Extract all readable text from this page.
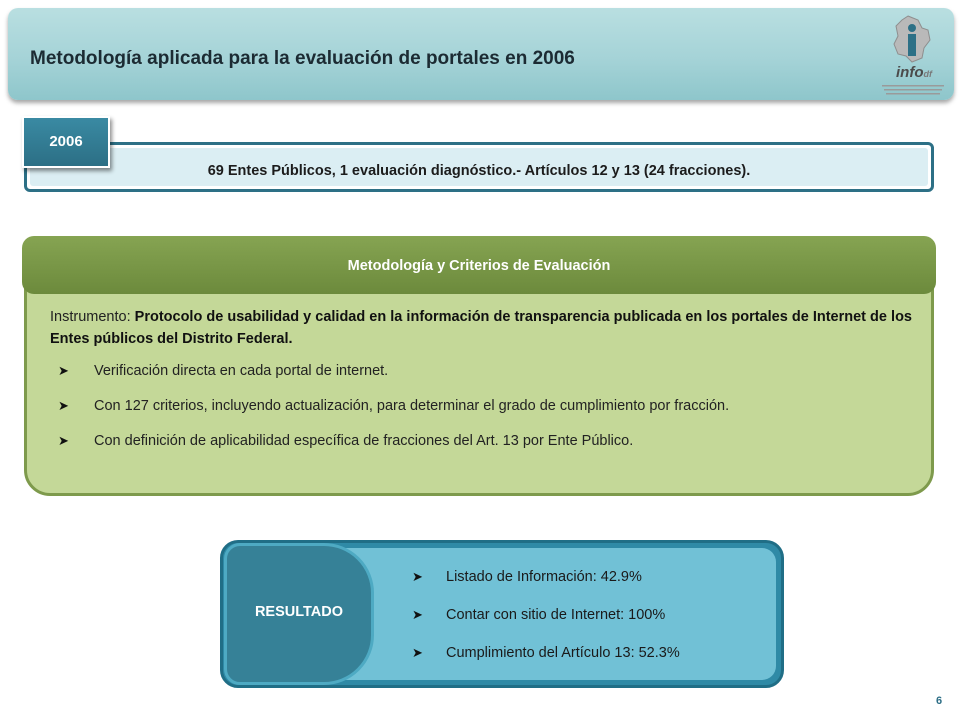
Metodología aplicada para la evaluación de portales en 2006
infodf
69 Entes Públicos, 1 evaluación diagnóstico.- Artículos 12 y 13 (24 fracciones).
2006
Metodología y Criterios de Evaluación

Instrumento: Protocolo de usabilidad y calidad en la información de transparencia publicada en los portales de Internet de los Entes públicos del Distrito Federal.

➤ Verificación directa en cada portal de internet.
➤ Con 127 criterios, incluyendo actualización, para determinar el grado de cumplimiento por fracción.
➤ Con definición de aplicabilidad específica de fracciones del Art. 13 por Ente Público.
RESULTADO
➤ Listado de Información: 42.9%
➤ Contar con sitio de Internet: 100%
➤ Cumplimiento del Artículo 13: 52.3%
6
